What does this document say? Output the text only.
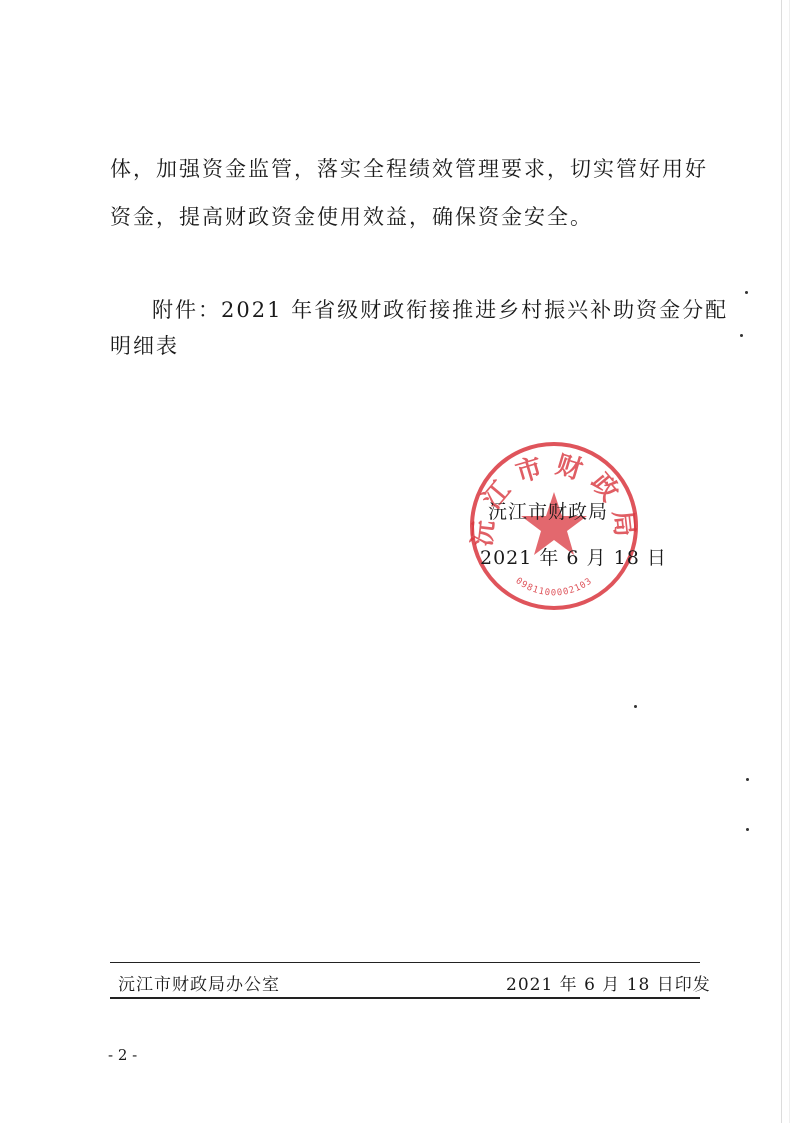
体，加强资金监管，落实全程绩效管理要求，切实管好用好

资金，提高财政资金使用效益，确保资金安全。

附件：2021 年省级财政衔接推进乡村振兴补助资金分配

明细表

沅江市财政局
0981100002103

沅江市财政局

2021 年 6 月 18 日

沅江市财政局办公室	2021 年 6 月 18 日印发

- 2 -
